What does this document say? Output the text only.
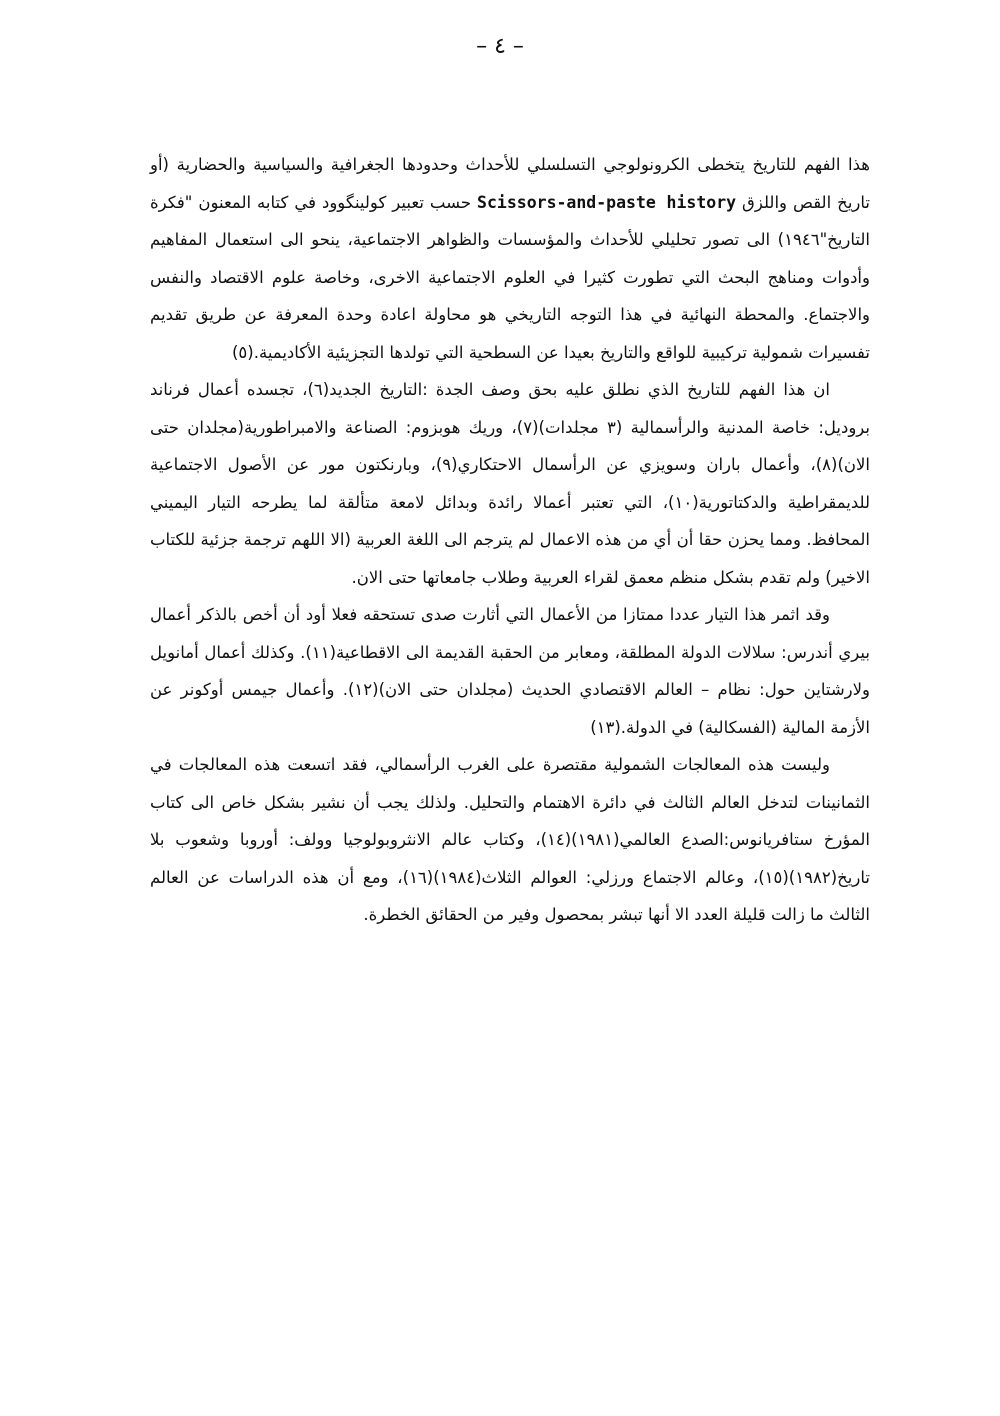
– ٤ –

هذا الفهم للتاريخ يتخطى الكرونولوجي التسلسلي للأحداث وحدودها الجغرافية والسياسية والحضارية (أو تاريخ القص واللزق Scissors-and-paste history حسب تعبير كولينگوود في كتابه المعنون "فكرة التاريخ"١٩٤٦) الى تصور تحليلي للأحداث والمؤسسات والظواهر الاجتماعية، ينحو الى استعمال المفاهيم وأدوات ومناهج البحث التي تطورت كثيرا في العلوم الاجتماعية الاخرى، وخاصة علوم الاقتصاد والنفس والاجتماع. والمحطة النهائية في هذا التوجه التاريخي هو محاولة اعادة وحدة المعرفة عن طريق تقديم تفسيرات شمولية تركيبية للواقع والتاريخ بعيدا عن السطحية التي تولدها التجزيئية الأكاديمية.(٥)

ان هذا الفهم للتاريخ الذي نطلق عليه بحق وصف الجدة :التاريخ الجديد(٦)، تجسده أعمال فرناند بروديل: خاصة المدنية والرأسمالية (٣ مجلدات)(٧)، وريك هوبزوم: الصناعة والامبراطورية(مجلدان حتى الان)(٨)، وأعمال باران وسويزي عن الرأسمال الاحتكاري(٩)، وبارنكتون مور عن الأصول الاجتماعية للديمقراطية والدكتاتورية(١٠)، التي تعتبر أعمالا رائدة وبدائل لامعة متألقة لما يطرحه التيار اليميني المحافظ. ومما يحزن حقا أن أي من هذه الاعمال لم يترجم الى اللغة العربية (الا اللهم ترجمة جزئية للكتاب الاخير) ولم تقدم بشكل منظم معمق لقراء العربية وطلاب جامعاتها حتى الان.

وقد اثمر هذا التيار عددا ممتازا من الأعمال التي أثارت صدى تستحقه فعلا أود أن أخص بالذكر أعمال بيري أندرس: سلالات الدولة المطلقة، ومعابر من الحقبة القديمة الى الاقطاعية(١١). وكذلك أعمال أمانويل ولارشتاين حول: نظام – العالم الاقتصادي الحديث (مجلدان حتى الان)(١٢). وأعمال جيمس أوكونر عن الأزمة المالية (الفسكالية) في الدولة.(١٣)

وليست هذه المعالجات الشمولية مقتصرة على الغرب الرأسمالي، فقد اتسعت هذه المعالجات في الثمانينات لتدخل العالم الثالث في دائرة الاهتمام والتحليل. ولذلك يجب أن نشير بشكل خاص الى كتاب المؤرخ ستافريانوس:الصدع العالمي(١٩٨١)(١٤)، وكتاب عالم الانثروبولوجيا وولف: أوروبا وشعوب بلا تاريخ(١٩٨٢)(١٥)، وعالم الاجتماع ورزلي: العوالم الثلاث(١٩٨٤)(١٦)، ومع أن هذه الدراسات عن العالم الثالث ما زالت قليلة العدد الا أنها تبشر بمحصول وفير من الحقائق الخطرة.
